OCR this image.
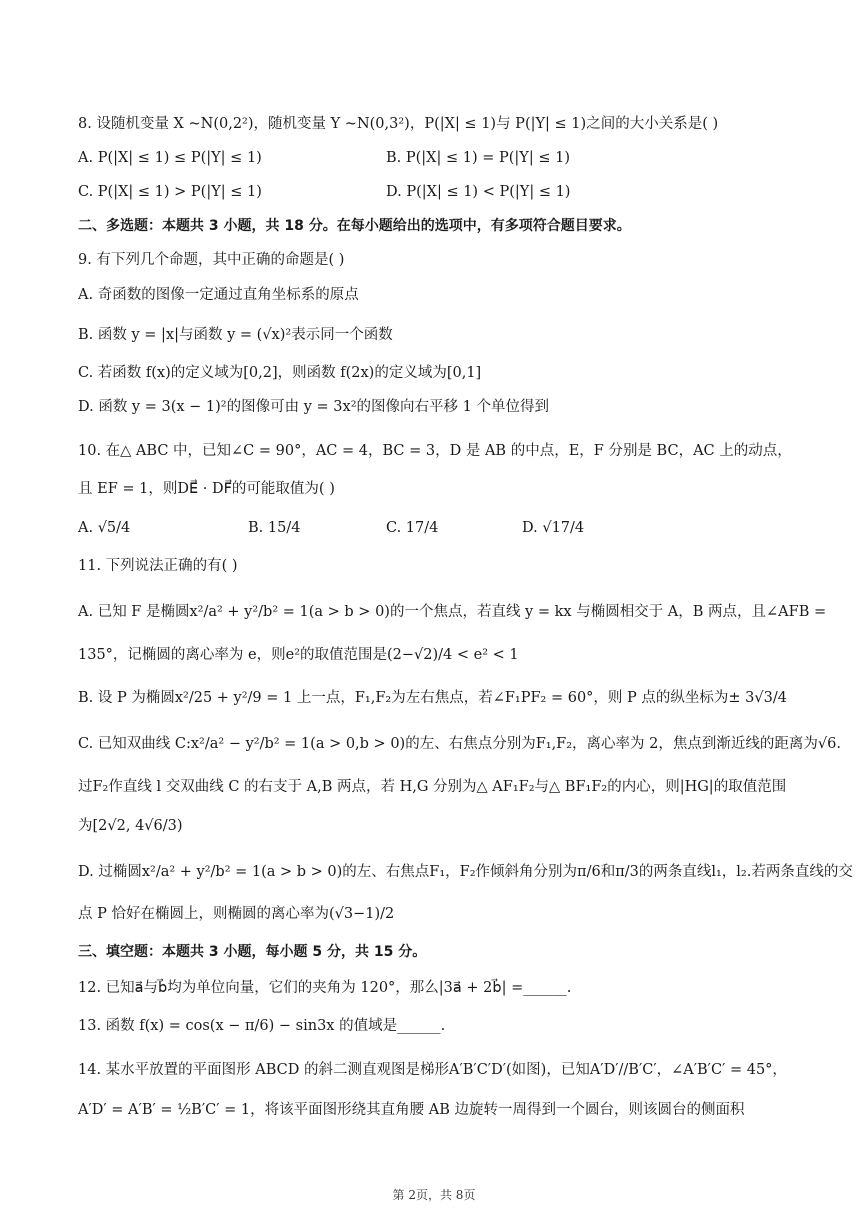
8. 设随机变量 X ~N(0,2²)，随机变量 Y ~N(0,3²)，P(|X| ≤ 1)与 P(|Y| ≤ 1)之间的大小关系是( )
A. P(|X| ≤ 1) ≤ P(|Y| ≤ 1)	B. P(|X| ≤ 1) = P(|Y| ≤ 1)
C. P(|X| ≤ 1) > P(|Y| ≤ 1)	D. P(|X| ≤ 1) < P(|Y| ≤ 1)
二、多选题：本题共 3 小题，共 18 分。在每小题给出的选项中，有多项符合题目要求。
9. 有下列几个命题，其中正确的命题是( )
A. 奇函数的图像一定通过直角坐标系的原点
B. 函数 y = |x|与函数 y = (√x)²表示同一个函数
C. 若函数 f(x)的定义域为[0,2]，则函数 f(2x)的定义域为[0,1]
D. 函数 y = 3(x − 1)²的图像可由 y = 3x²的图像向右平移 1 个单位得到
10. 在△ ABC 中，已知∠C = 90°，AC = 4，BC = 3，D 是 AB 的中点，E，F 分别是 BC，AC 上的动点，
且 EF = 1，则DE⃗ · DF⃗的可能取值为( )
A. √5/4	B. 15/4	C. 17/4	D. √17/4
11. 下列说法正确的有( )
A. 已知 F 是椭圆x²/a² + y²/b² = 1(a > b > 0)的一个焦点，若直线 y = kx 与椭圆相交于 A，B 两点，且∠AFB =
135°，记椭圆的离心率为 e，则e²的取值范围是(2−√2)/4 < e² < 1
B. 设 P 为椭圆x²/25 + y²/9 = 1 上一点，F₁,F₂为左右焦点，若∠F₁PF₂ = 60°，则 P 点的纵坐标为± 3√3/4
C. 已知双曲线 C:x²/a² − y²/b² = 1(a > 0,b > 0)的左、右焦点分别为F₁,F₂，离心率为 2，焦点到渐近线的距离为√6.
过F₂作直线 l 交双曲线 C 的右支于 A,B 两点，若 H,G 分别为△ AF₁F₂与△ BF₁F₂的内心，则|HG|的取值范围
为[2√2, 4√6/3)
D. 过椭圆x²/a² + y²/b² = 1(a > b > 0)的左、右焦点F₁，F₂作倾斜角分别为π/6和π/3的两条直线l₁，l₂.若两条直线的交
点 P 恰好在椭圆上，则椭圆的离心率为(√3−1)/2
三、填空题：本题共 3 小题，每小题 5 分，共 15 分。
12. 已知a⃗与b⃗均为单位向量，它们的夹角为 120°，那么|3a⃗ + 2b⃗| =______.
13. 函数 f(x) = cos(x − π/6) − sin3x 的值域是______.
14. 某水平放置的平面图形 ABCD 的斜二测直观图是梯形A′B′C′D′(如图)，已知A′D′//B′C′，∠A′B′C′ = 45°，
A′D′ = A′B′ = ½B′C′ = 1，将该平面图形绕其直角腰 AB 边旋转一周得到一个圆台，则该圆台的侧面积
第 2页，共 8页
